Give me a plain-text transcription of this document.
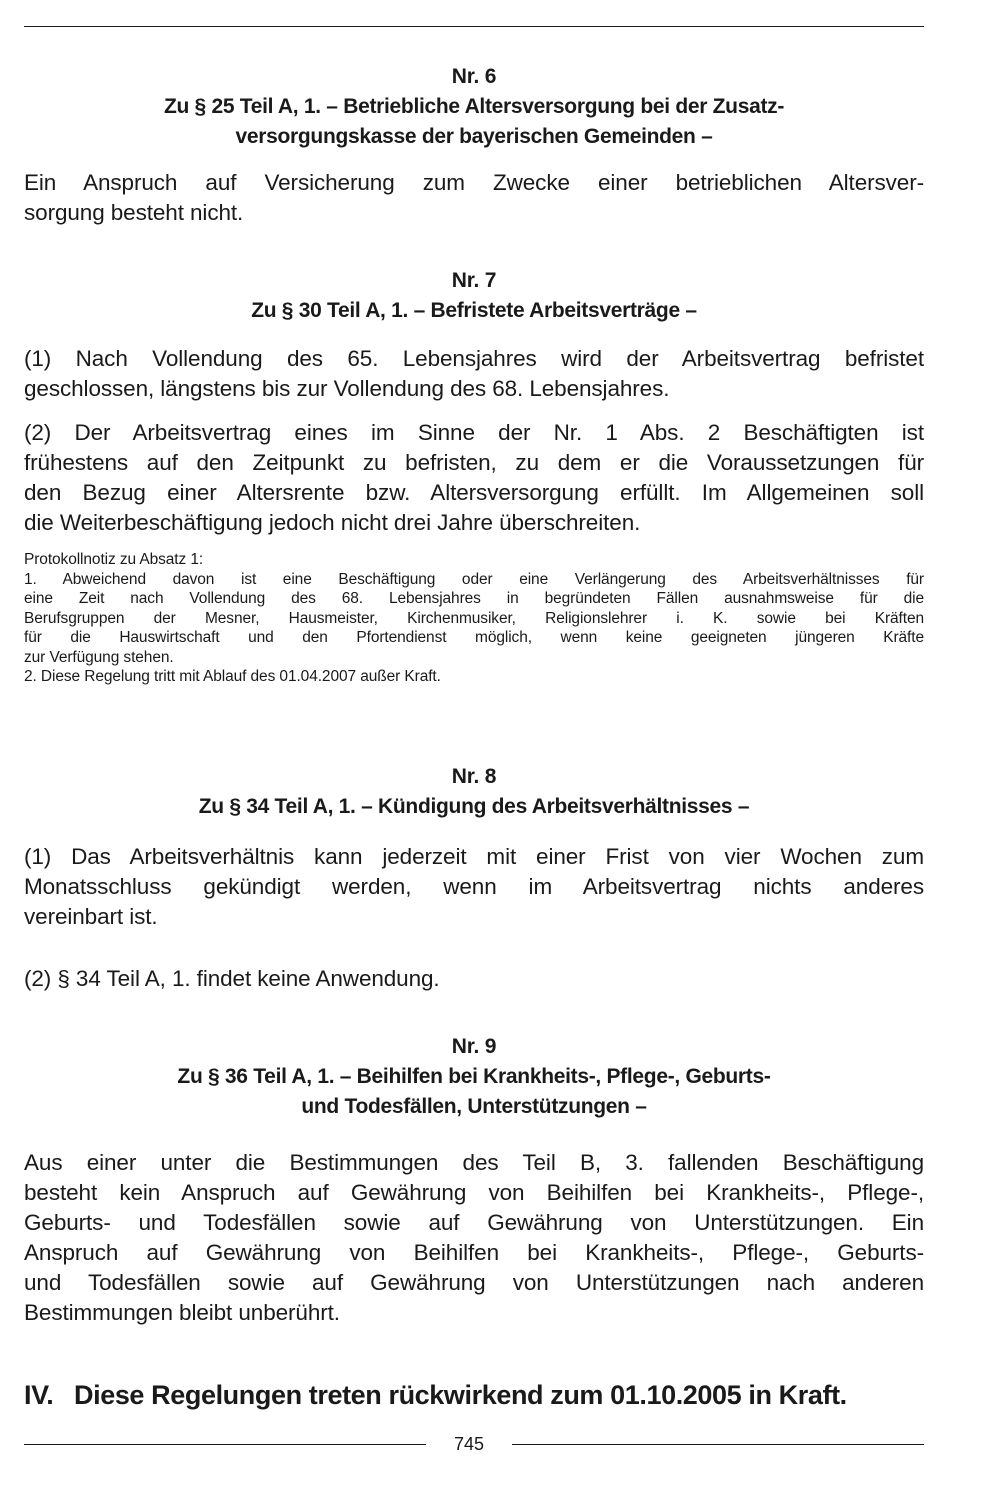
Nr. 6
Zu § 25 Teil A, 1. – Betriebliche Altersversorgung bei der Zusatz-
versorgungskasse der bayerischen Gemeinden –
Ein Anspruch auf Versicherung zum Zwecke einer betrieblichen Altersver-
sorgung besteht nicht.
Nr. 7
Zu § 30 Teil A, 1. – Befristete Arbeitsverträge –
(1) Nach Vollendung des 65. Lebensjahres wird der Arbeitsvertrag befristet
geschlossen, längstens bis zur Vollendung des 68. Lebensjahres.
(2) Der Arbeitsvertrag eines im Sinne der Nr. 1 Abs. 2 Beschäftigten ist
frühestens auf den Zeitpunkt zu befristen, zu dem er die Voraussetzungen für
den Bezug einer Altersrente bzw. Altersversorgung erfüllt. Im Allgemeinen soll
die Weiterbeschäftigung jedoch nicht drei Jahre überschreiten.
Protokollnotiz zu Absatz 1:
1. Abweichend davon ist eine Beschäftigung oder eine Verlängerung des Arbeitsverhältnisses für
eine Zeit nach Vollendung des 68. Lebensjahres in begründeten Fällen ausnahmsweise für die
Berufsgruppen der Mesner, Hausmeister, Kirchenmusiker, Religionslehrer i. K. sowie bei Kräften
für die Hauswirtschaft und den Pfortendienst möglich, wenn keine geeigneten jüngeren Kräfte
zur Verfügung stehen.
2. Diese Regelung tritt mit Ablauf des 01.04.2007 außer Kraft.
Nr. 8
Zu § 34 Teil A, 1. – Kündigung des Arbeitsverhältnisses –
(1) Das Arbeitsverhältnis kann jederzeit mit einer Frist von vier Wochen zum
Monatsschluss gekündigt werden, wenn im Arbeitsvertrag nichts anderes
vereinbart ist.
(2) § 34 Teil A, 1. findet keine Anwendung.
Nr. 9
Zu § 36 Teil A, 1. – Beihilfen bei Krankheits-, Pflege-, Geburts-
und Todesfällen, Unterstützungen –
Aus einer unter die Bestimmungen des Teil B, 3. fallenden Beschäftigung
besteht kein Anspruch auf Gewährung von Beihilfen bei Krankheits-, Pflege-,
Geburts- und Todesfällen sowie auf Gewährung von Unterstützungen. Ein
Anspruch auf Gewährung von Beihilfen bei Krankheits-, Pflege-, Geburts-
und Todesfällen sowie auf Gewährung von Unterstützungen nach anderen
Bestimmungen bleibt unberührt.
IV. Diese Regelungen treten rückwirkend zum 01.10.2005 in Kraft.
745
